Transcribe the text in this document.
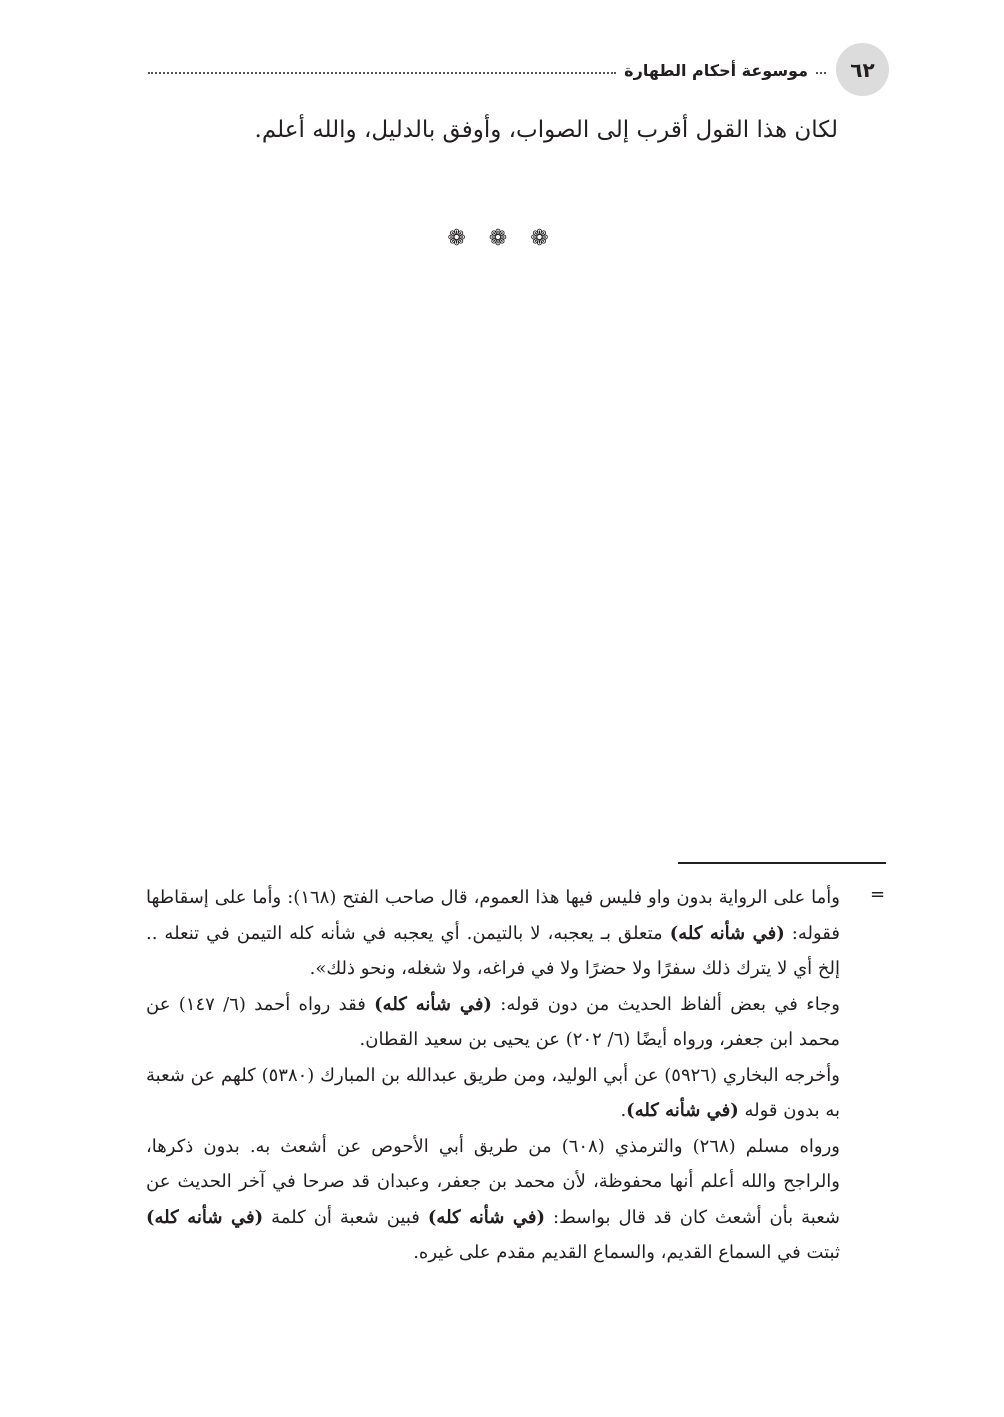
٦٢
موسوعة أحكام الطهارة
لكان هذا القول أقرب إلى الصواب، وأوفق بالدليل، والله أعلم.
❁ ❁ ❁
=

وأما على الرواية بدون واو فليس فيها هذا العموم، قال صاحب الفتح (١٦٨): وأما على إسقاطها فقوله: (في شأنه كله) متعلق بـ يعجبه، لا بالتيمن. أي يعجبه في شأنه كله التيمن في تنعله .. إلخ أي لا يترك ذلك سفرًا ولا حضرًا ولا في فراغه، ولا شغله، ونحو ذلك».

وجاء في بعض ألفاظ الحديث من دون قوله: (في شأنه كله) فقد رواه أحمد (٦/ ١٤٧) عن محمد ابن جعفر، ورواه أيضًا (٦/ ٢٠٢) عن يحيى بن سعيد القطان.

وأخرجه البخاري (٥٩٢٦) عن أبي الوليد، ومن طريق عبدالله بن المبارك (٥٣٨٠) كلهم عن شعبة به بدون قوله (في شأنه كله).

ورواه مسلم (٢٦٨) والترمذي (٦٠٨) من طريق أبي الأحوص عن أشعث به. بدون ذكرها، والراجح والله أعلم أنها محفوظة، لأن محمد بن جعفر، وعبدان قد صرحا في آخر الحديث عن شعبة بأن أشعث كان قد قال بواسط: (في شأنه كله) فبين شعبة أن كلمة (في شأنه كله) ثبتت في السماع القديم، والسماع القديم مقدم على غيره.
